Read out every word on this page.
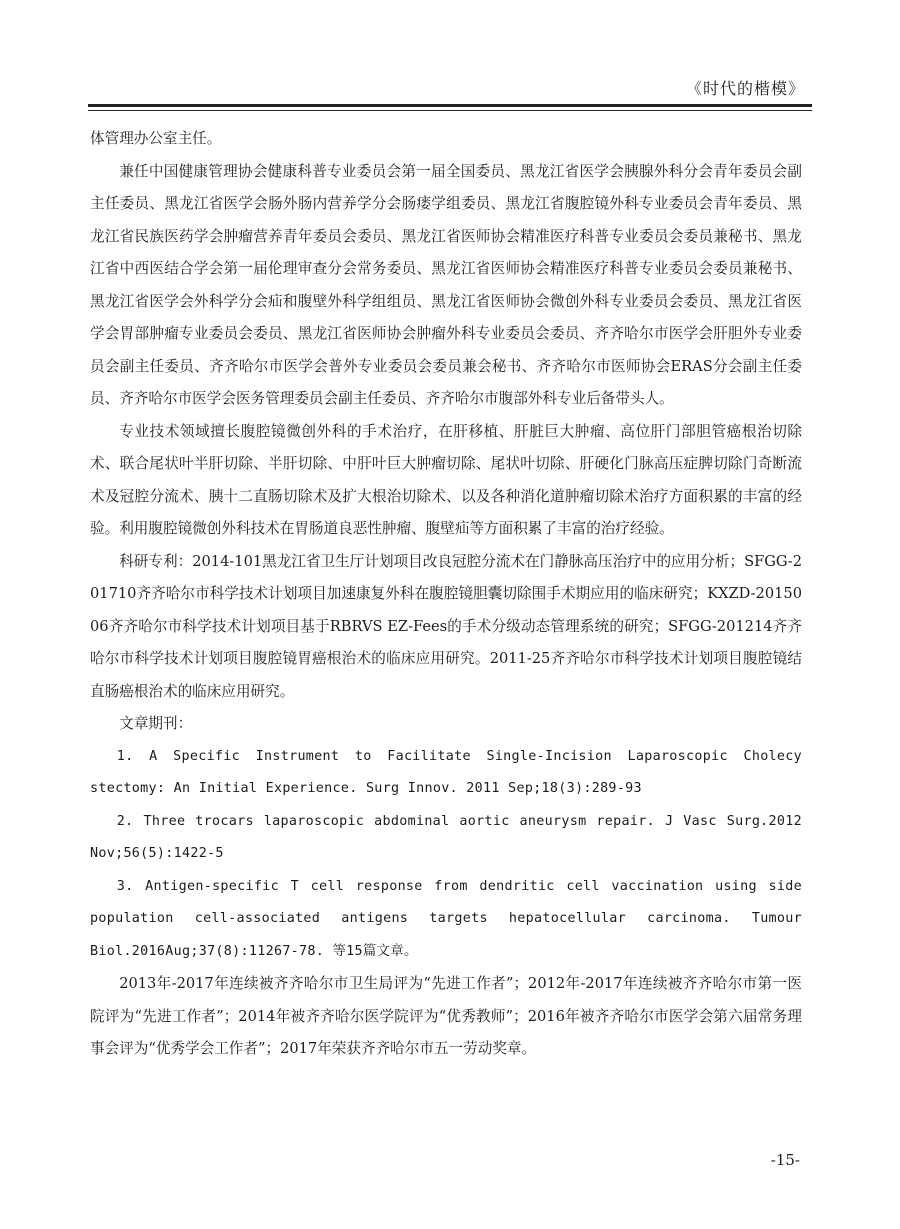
《时代的楷模》

体管理办公室主任。

兼任中国健康管理协会健康科普专业委员会第一届全国委员、黑龙江省医学会胰腺外科分会青年委员会副主任委员、黑龙江省医学会肠外肠内营养学分会肠瘘学组委员、黑龙江省腹腔镜外科专业委员会青年委员、黑龙江省民族医药学会肿瘤营养青年委员会委员、黑龙江省医师协会精准医疗科普专业委员会委员兼秘书、黑龙江省中西医结合学会第一届伦理审查分会常务委员、黑龙江省医师协会精准医疗科普专业委员会委员兼秘书、黑龙江省医学会外科学分会疝和腹壁外科学组组员、黑龙江省医师协会微创外科专业委员会委员、黑龙江省医学会胃部肿瘤专业委员会委员、黑龙江省医师协会肿瘤外科专业委员会委员、齐齐哈尔市医学会肝胆外专业委员会副主任委员、齐齐哈尔市医学会普外专业委员会委员兼会秘书、齐齐哈尔市医师协会ERAS分会副主任委员、齐齐哈尔市医学会医务管理委员会副主任委员、齐齐哈尔市腹部外科专业后备带头人。

专业技术领域擅长腹腔镜微创外科的手术治疗，在肝移植、肝脏巨大肿瘤、高位肝门部胆管癌根治切除术、联合尾状叶半肝切除、半肝切除、中肝叶巨大肿瘤切除、尾状叶切除、肝硬化门脉高压症脾切除门奇断流术及冠腔分流术、胰十二直肠切除术及扩大根治切除术、以及各种消化道肿瘤切除术治疗方面积累的丰富的经验。利用腹腔镜微创外科技术在胃肠道良恶性肿瘤、腹壁疝等方面积累了丰富的治疗经验。

科研专利：2014-101黑龙江省卫生厅计划项目改良冠腔分流术在门静脉高压治疗中的应用分析；SFGG-201710齐齐哈尔市科学技术计划项目加速康复外科在腹腔镜胆囊切除围手术期应用的临床研究；KXZD-2015006齐齐哈尔市科学技术计划项目基于RBRVS EZ-Fees的手术分级动态管理系统的研究；SFGG-201214齐齐哈尔市科学技术计划项目腹腔镜胃癌根治术的临床应用研究。2011-25齐齐哈尔市科学技术计划项目腹腔镜结直肠癌根治术的临床应用研究。

文章期刊：

1. A Specific Instrument to Facilitate Single-Incision Laparoscopic Cholecy stectomy: An Initial Experience. Surg Innov. 2011 Sep;18(3):289-93

2. Three trocars laparoscopic abdominal aortic aneurysm repair. J Vasc Surg.2012 Nov;56(5):1422-5

3. Antigen-specific T cell response from dendritic cell vaccination using side population cell-associated antigens targets hepatocellular carcinoma. Tumour Biol.2016Aug;37(8):11267-78. 等15篇文章。

2013年-2017年连续被齐齐哈尔市卫生局评为“先进工作者”；2012年-2017年连续被齐齐哈尔市第一医院评为“先进工作者”；2014年被齐齐哈尔医学院评为“优秀教师”；2016年被齐齐哈尔市医学会第六届常务理事会评为“优秀学会工作者”；2017年荣获齐齐哈尔市五一劳动奖章。

-15-
